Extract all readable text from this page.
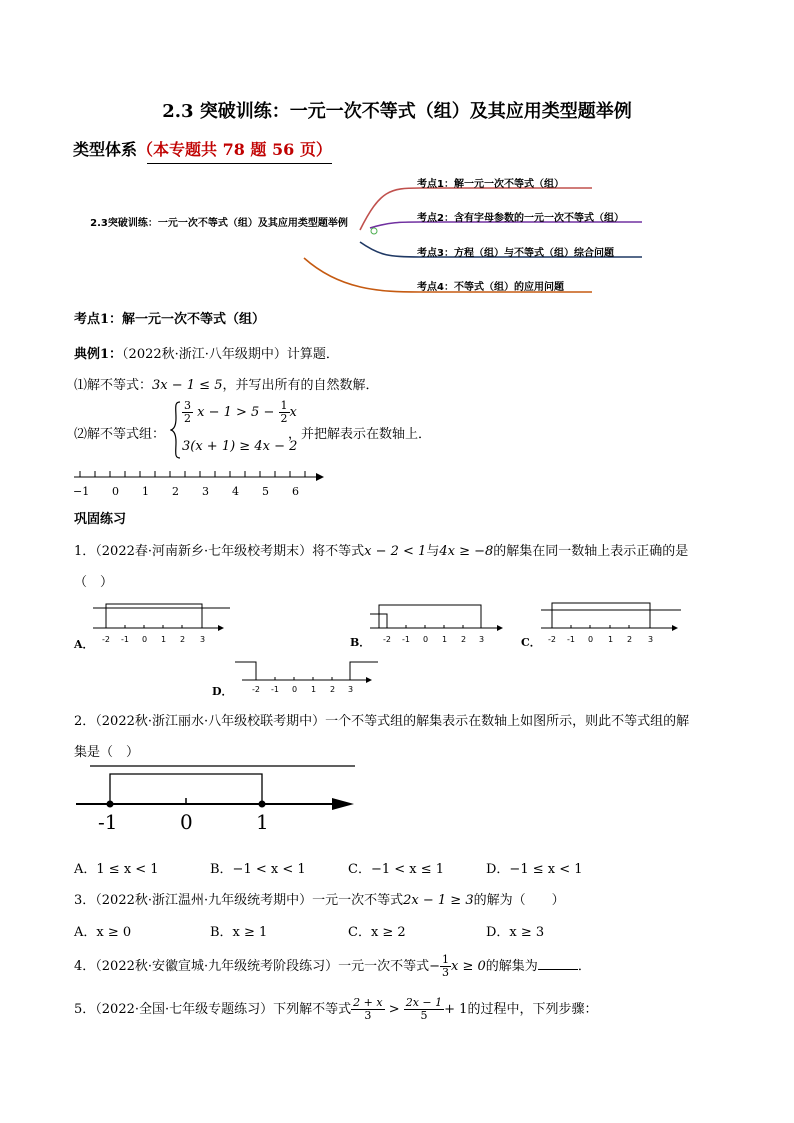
2.3 突破训练：一元一次不等式（组）及其应用类型题举例
类型体系（本专题共 78 题 56 页）
2.3突破训练：一元一次不等式（组）及其应用类型题举例
考点1：解一元一次不等式（组）
考点2：含有字母参数的一元一次不等式（组）
考点3：方程（组）与不等式（组）综合问题
考点4：不等式（组）的应用问题
考点1：解一元一次不等式（组）
典例1：（2022秋·浙江·八年级期中）计算题．
⑴解不等式：3x − 1 ≤ 5，并写出所有的自然数解．
⑵解不等式组：
$\frac{3}{2}$ $x - 1 > 5 - \frac{1}{2}$ x
3(x + 1) ≥ 4x − 2
，并把解表示在数轴上．
−1 0 1 2 3 4 5 6
巩固练习
1．（2022春·河南新乡·七年级校考期末）将不等式x − 2 < 1与4x ≥ −8的解集在同一数轴上表示正确的是
（　）
A． -2 -1 0 1 2 3	B． -2 -1 0 1 2 3	C． -2 -1 0 1 2 3
D． -2 -1 0 1 2 3
2．（2022秋·浙江丽水·八年级校联考期中）一个不等式组的解集表示在数轴上如图所示，则此不等式组的解
集是（　）
-1	0	1
A．1 ≤ x < 1	B．−1 < x < 1	C．−1 < x ≤ 1	D．−1 ≤ x < 1
3．（2022秋·浙江温州·九年级统考期中）一元一次不等式2x − 1 ≥ 3的解为（　　）
A．x ≥ 0	B．x ≥ 1	C．x ≥ 2	D．x ≥ 3
4．（2022秋·安徽宣城·九年级统考阶段练习）一元一次不等式− $\frac{1}{3}$ x ≥ 0的解集为	．
5．（2022·全国·七年级专题练习）下列解不等式 $\frac{2 + x}{3} > \frac{2x - 1}{5} + 1$的过程中，下列步骤：
